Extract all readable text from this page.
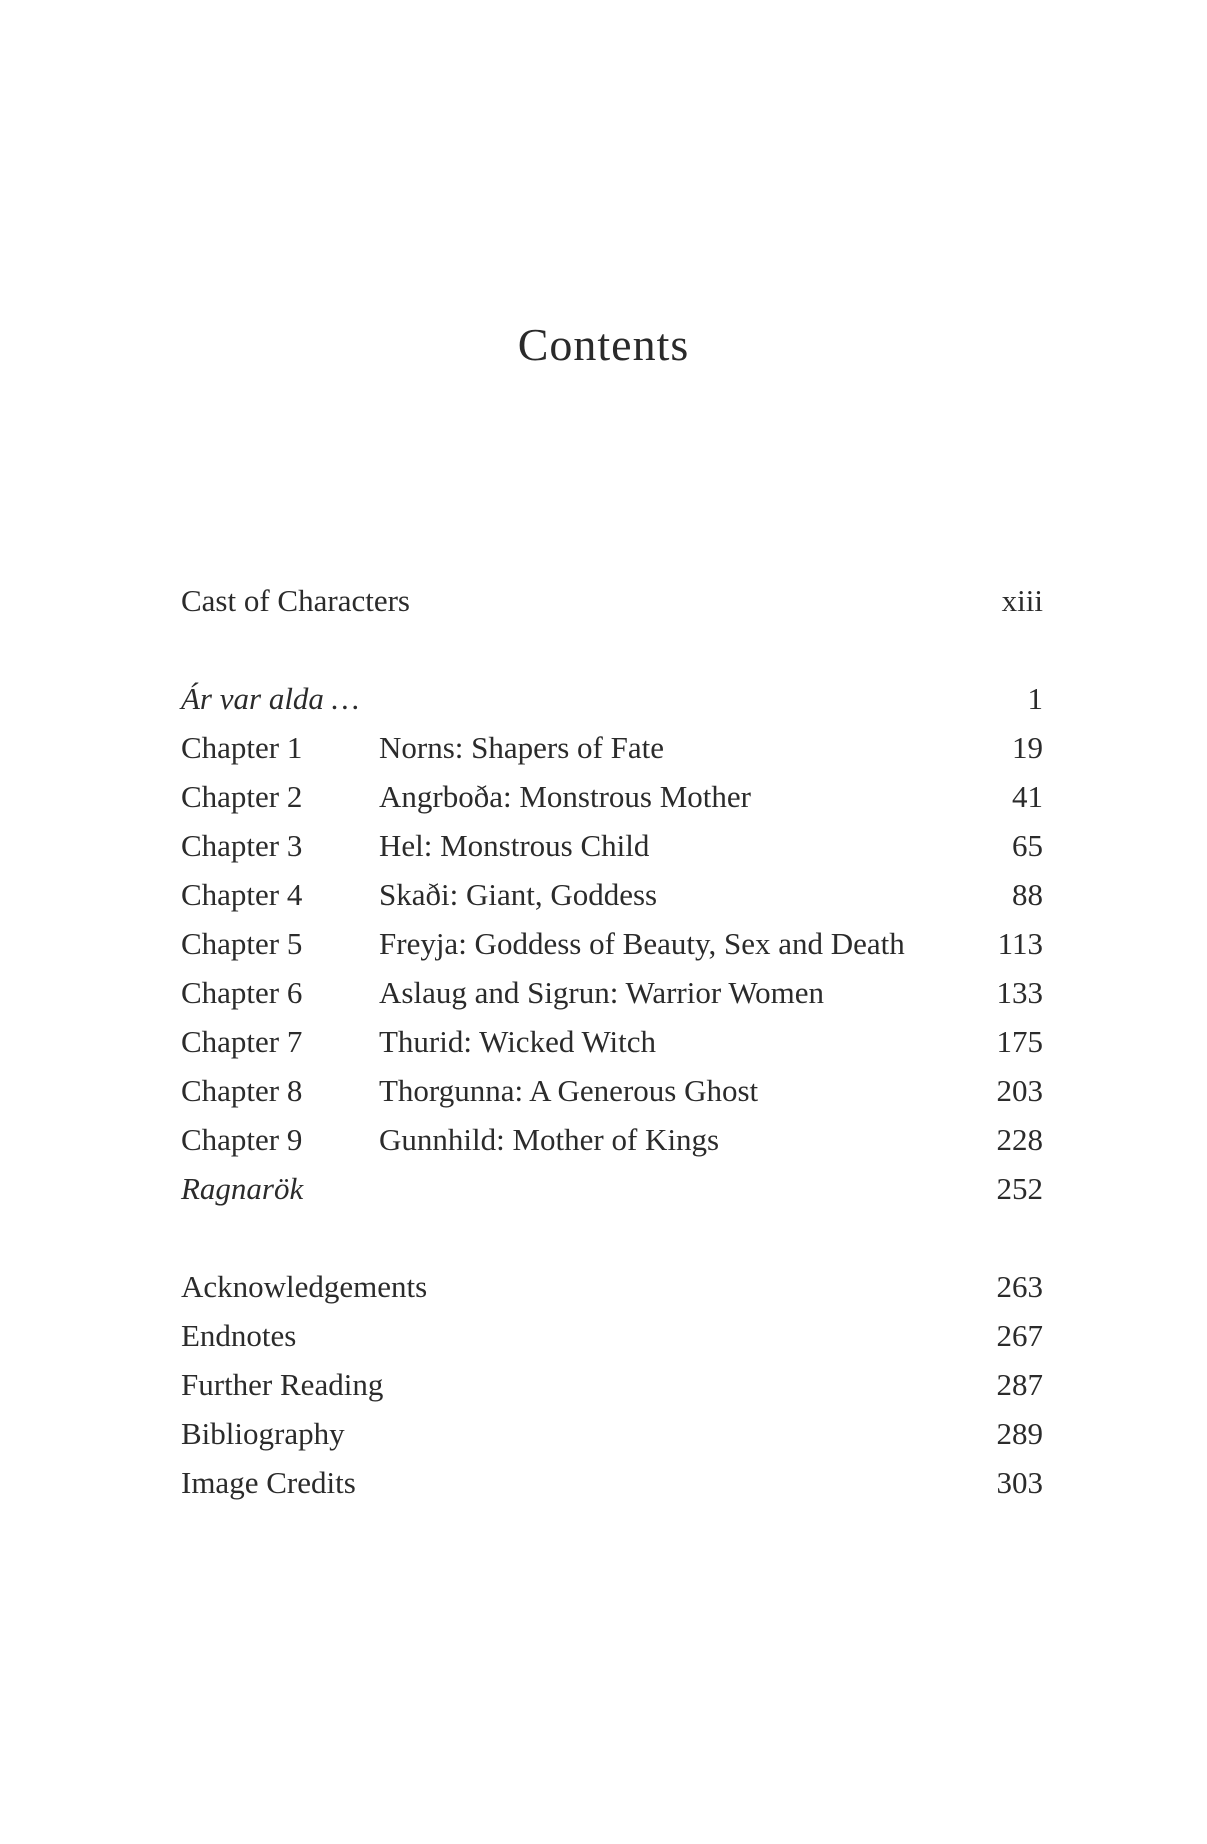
Contents
Cast of Characters	xiii
Ár var alda …	1
Chapter 1 Norns: Shapers of Fate	19
Chapter 2 Angrboða: Monstrous Mother	41
Chapter 3 Hel: Monstrous Child	65
Chapter 4 Skaði: Giant, Goddess	88
Chapter 5 Freyja: Goddess of Beauty, Sex and Death	113
Chapter 6 Aslaug and Sigrun: Warrior Women	133
Chapter 7 Thurid: Wicked Witch	175
Chapter 8 Thorgunna: A Generous Ghost	203
Chapter 9 Gunnhild: Mother of Kings	228
Ragnarök	252
Acknowledgements	263
Endnotes	267
Further Reading	287
Bibliography	289
Image Credits	303
